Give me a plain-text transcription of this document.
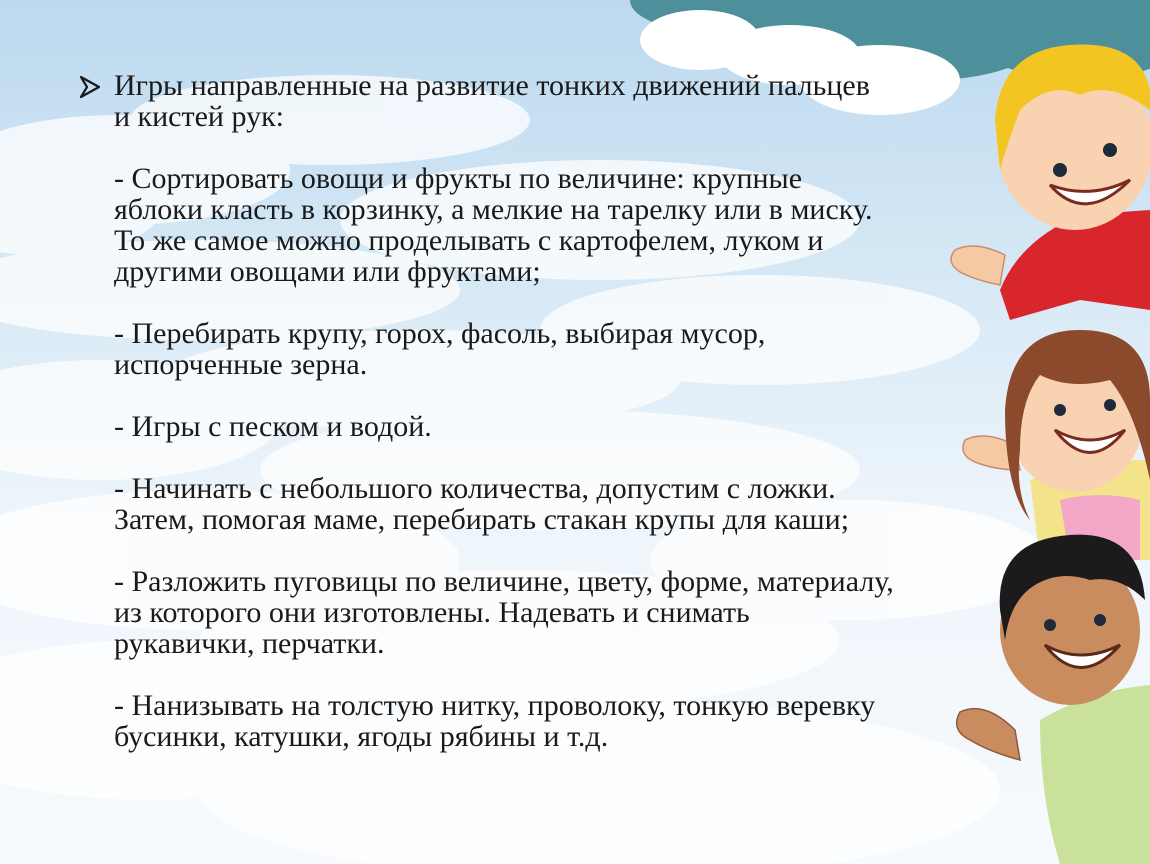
Игры направленные на развитие тонких движений пальцев
и кистей рук:
- Сортировать овощи и фрукты по величине: крупные
яблоки класть в корзинку, а мелкие на тарелку или в миску.
То же самое можно проделывать с картофелем, луком и
другими овощами или фруктами;
- Перебирать крупу, горох, фасоль, выбирая мусор,
испорченные зерна.
- Игры с песком и водой.
- Начинать с небольшого количества, допустим с ложки.
Затем, помогая маме, перебирать стакан крупы для каши;
- Разложить пуговицы по величине, цвету, форме, материалу,
из которого они изготовлены. Надевать и снимать
рукавички, перчатки.
- Нанизывать на толстую нитку, проволоку, тонкую веревку
бусинки, катушки, ягоды рябины и т.д.
